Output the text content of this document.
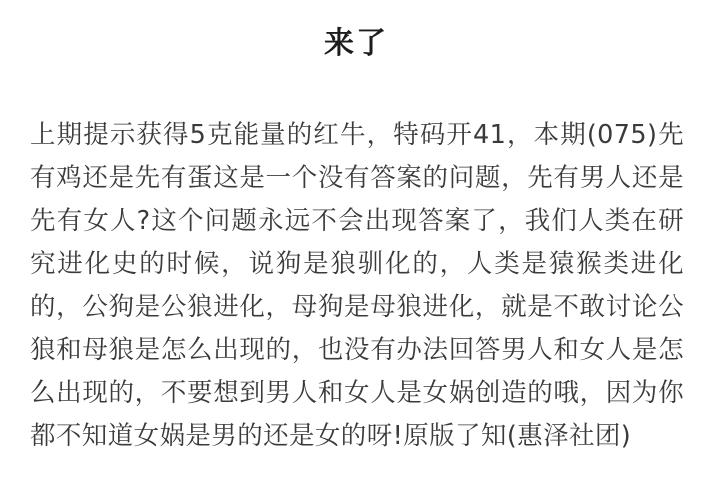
来了

上期提示获得5克能量的红牛，特码开41，本期(075)先有鸡还是先有蛋这是一个没有答案的问题，先有男人还是先有女人?这个问题永远不会出现答案了，我们人类在研究进化史的时候，说狗是狼驯化的，人类是猿猴类进化的，公狗是公狼进化，母狗是母狼进化，就是不敢讨论公狼和母狼是怎么出现的，也没有办法回答男人和女人是怎么出现的，不要想到男人和女人是女娲创造的哦，因为你都不知道女娲是男的还是女的呀!原版了知(惠泽社团)
